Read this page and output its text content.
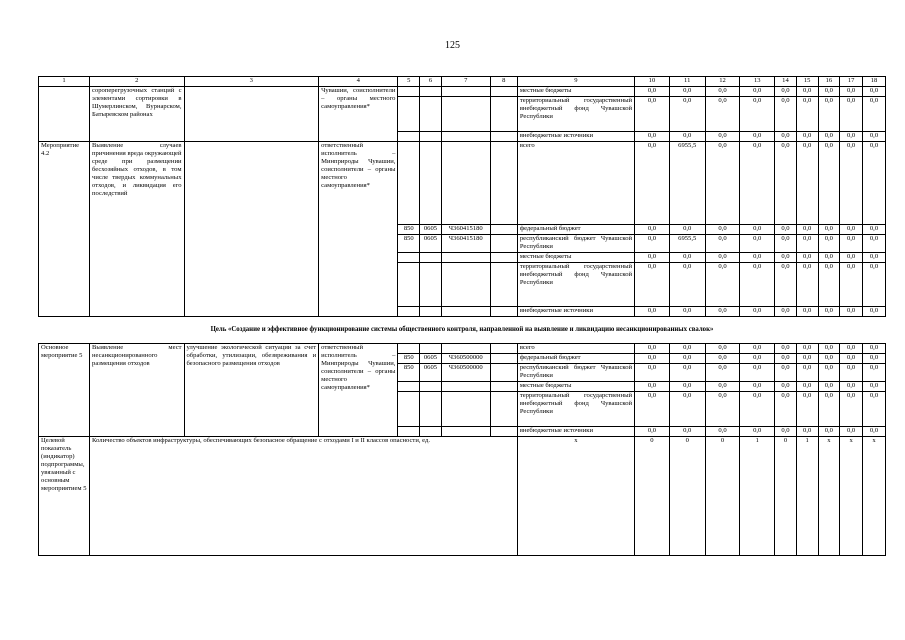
125
1	2	3	4	5	6	7	8	9	10	11	12	13	14	15	16	17	18
	сороперегрузочных станций с элементами сортировки в Шумерлинском, Вурнарском, Батыревском районах		Чувашии, соисполнители – органы местного самоуправления*					местные бюджеты	0,0	0,0	0,0	0,0	0,0	0,0	0,0	0,0	0,0
								территориальный государственный внебюджетный фонд Чувашской Республики	0,0	0,0	0,0	0,0	0,0	0,0	0,0	0,0	0,0
								внебюджетные источники	0,0	0,0	0,0	0,0	0,0	0,0	0,0	0,0	0,0
Мероприятие 4.2	Выявление случаев причинения вреда окружающей среде при размещении бесхозяйных отходов, в том числе твердых коммунальных отходов, и ликвидация его последствий		ответственный исполнитель – Минприроды Чувашии, соисполнители – органы местного самоуправления*					всего	0,0	6955,5	0,0	0,0	0,0	0,0	0,0	0,0	0,0
				850	0605	Ч360415180		федеральный бюджет	0,0	0,0	0,0	0,0	0,0	0,0	0,0	0,0	0,0
				850	0605	Ч360415180		республиканский бюджет Чувашской Республики	0,0	6955,5	0,0	0,0	0,0	0,0	0,0	0,0	0,0
								местные бюджеты	0,0	0,0	0,0	0,0	0,0	0,0	0,0	0,0	0,0
								территориальный государственный внебюджетный фонд Чувашской Республики	0,0	0,0	0,0	0,0	0,0	0,0	0,0	0,0	0,0
								внебюджетные источники	0,0	0,0	0,0	0,0	0,0	0,0	0,0	0,0	0,0
Цель «Создание и эффективное функционирование системы общественного контроля, направленной на выявление и ликвидацию несанкционированных свалок»																	
Основное мероприятие 5	Выявление мест несанкционированного размещения отходов	улучшение экологической ситуации за счет обработки, утилизации, обезвреживания и безопасного размещения отходов	ответственный исполнитель – Минприроды Чувашии, соисполнители – органы местного самоуправления*					всего	0,0	0,0	0,0	0,0	0,0	0,0	0,0	0,0	0,0
				850	0605	Ч360500000		федеральный бюджет	0,0	0,0	0,0	0,0	0,0	0,0	0,0	0,0	0,0
				850	0605	Ч360500000		республиканский бюджет Чувашской Республики	0,0	0,0	0,0	0,0	0,0	0,0	0,0	0,0	0,0
								местные бюджеты	0,0	0,0	0,0	0,0	0,0	0,0	0,0	0,0	0,0
								территориальный государственный внебюджетный фонд Чувашской Республики	0,0	0,0	0,0	0,0	0,0	0,0	0,0	0,0	0,0
								внебюджетные источники	0,0	0,0	0,0	0,0	0,0	0,0	0,0	0,0	0,0
Целевой показатель (индикатор) подпрограммы, увязанный с основным мероприятием 5	Количество объектов инфраструктуры, обеспечивающих безопасное обращение с отходами I и II классов опасности, ед.							x	0	0	0	1	0	1	x	x	x
